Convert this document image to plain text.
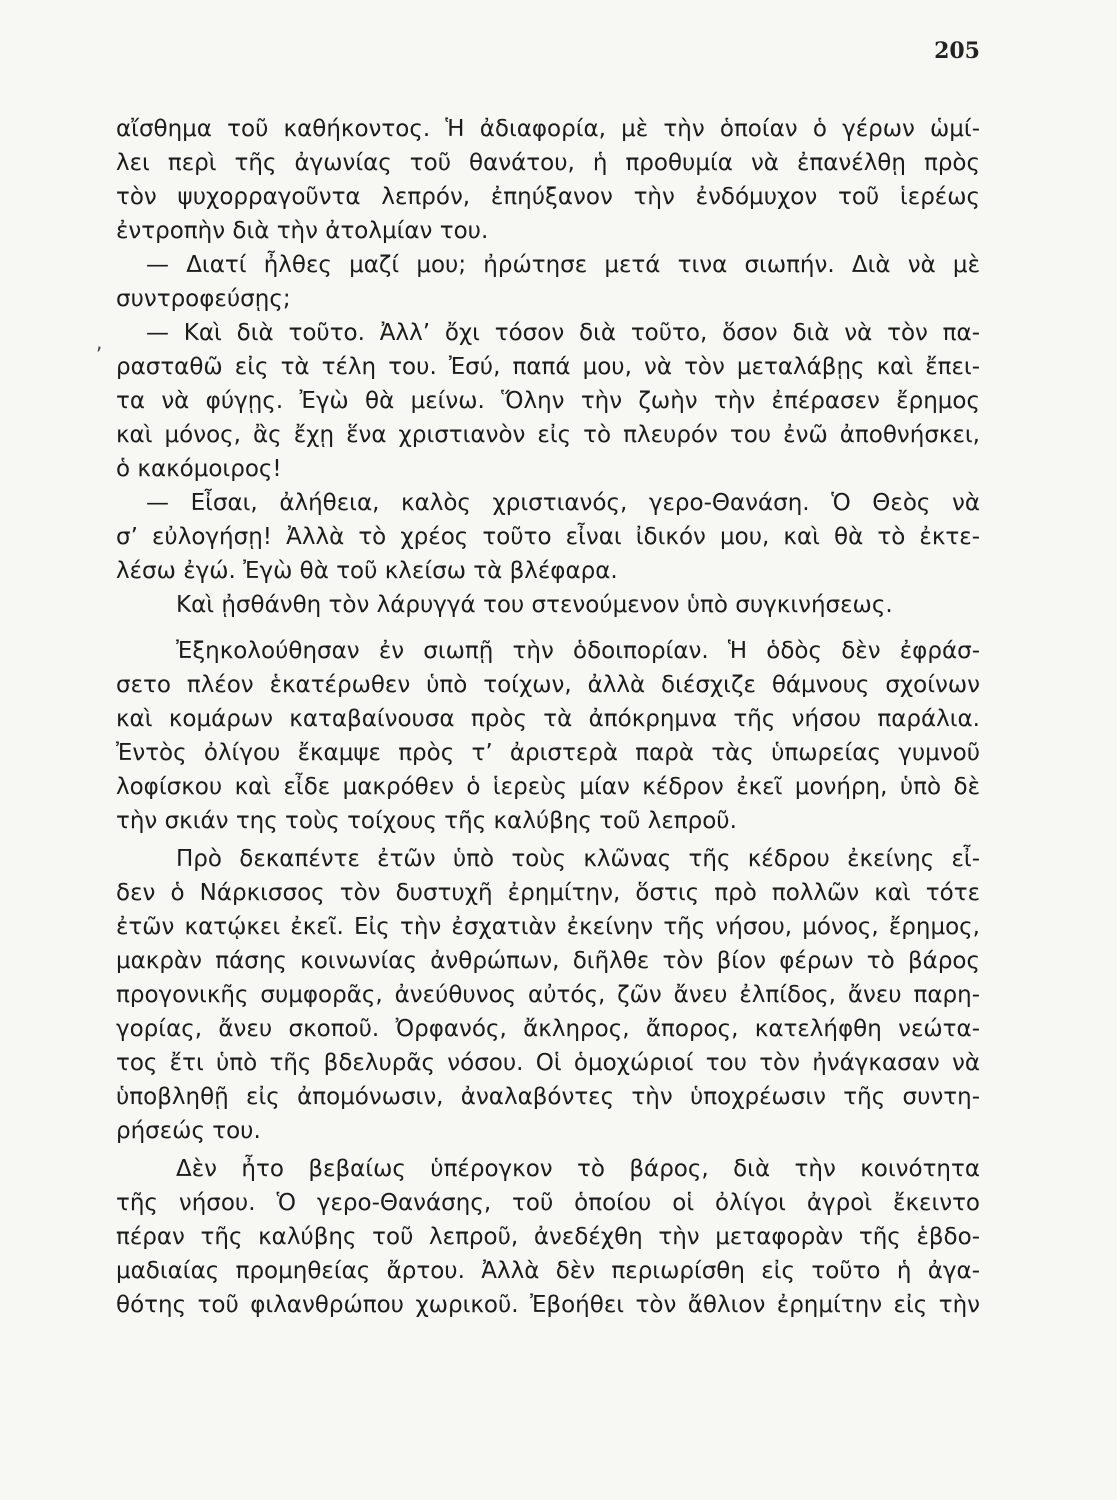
205
,
αἴσθημα τοῦ καθήκοντος. Ἡ ἀδιαφορία, μὲ τὴν ὁποίαν ὁ γέρων ὡμί-
λει περὶ τῆς ἀγωνίας τοῦ θανάτου, ἡ προθυμία νὰ ἐπανέλθῃ πρὸς
τὸν ψυχορραγοῦντα λεπρόν, ἐπηύξανον τὴν ἐνδόμυχον τοῦ ἱερέως
ἐντροπὴν διὰ τὴν ἀτολμίαν του.
— Διατί ἦλθες μαζί μου; ἠρώτησε μετά τινα σιωπήν. Διὰ νὰ μὲ
συντροφεύσῃς;
— Καὶ διὰ τοῦτο. Ἀλλ’ ὄχι τόσον διὰ τοῦτο, ὅσον διὰ νὰ τὸν πα-
ρασταθῶ εἰς τὰ τέλη του. Ἐσύ, παπά μου, νὰ τὸν μεταλάβῃς καὶ ἔπει-
τα νὰ φύγῃς. Ἐγὼ θὰ μείνω. Ὅλην τὴν ζωὴν τὴν ἐπέρασεν ἔρημος
καὶ μόνος, ἂς ἔχῃ ἕνα χριστιανὸν εἰς τὸ πλευρόν του ἐνῶ ἀποθνήσκει,
ὁ κακόμοιρος!
— Εἶσαι, ἀλήθεια, καλὸς χριστιανός, γερο-Θανάση. Ὁ Θεὸς νὰ
σ’ εὐλογήσῃ! Ἀλλὰ τὸ χρέος τοῦτο εἶναι ἰδικόν μου, καὶ θὰ τὸ ἐκτε-
λέσω ἐγώ. Ἐγὼ θὰ τοῦ κλείσω τὰ βλέφαρα.
Καὶ ᾐσθάνθη τὸν λάρυγγά του στενούμενον ὑπὸ συγκινήσεως.
Ἐξηκολούθησαν ἐν σιωπῇ τὴν ὁδοιπορίαν. Ἡ ὁδὸς δὲν ἐφράσ-
σετο πλέον ἑκατέρωθεν ὑπὸ τοίχων, ἀλλὰ διέσχιζε θάμνους σχοίνων
καὶ κομάρων καταβαίνουσα πρὸς τὰ ἀπόκρημνα τῆς νήσου παράλια.
Ἐντὸς ὀλίγου ἔκαμψε πρὸς τ’ ἀριστερὰ παρὰ τὰς ὑπωρείας γυμνοῦ
λοφίσκου καὶ εἶδε μακρόθεν ὁ ἱερεὺς μίαν κέδρον ἐκεῖ μονήρη, ὑπὸ δὲ
τὴν σκιάν της τοὺς τοίχους τῆς καλύβης τοῦ λεπροῦ.
Πρὸ δεκαπέντε ἐτῶν ὑπὸ τοὺς κλῶνας τῆς κέδρου ἐκείνης εἶ-
δεν ὁ Νάρκισσος τὸν δυστυχῆ ἐρημίτην, ὅστις πρὸ πολλῶν καὶ τότε
ἐτῶν κατῴκει ἐκεῖ. Εἰς τὴν ἐσχατιὰν ἐκείνην τῆς νήσου, μόνος, ἔρημος,
μακρὰν πάσης κοινωνίας ἀνθρώπων, διῆλθε τὸν βίον φέρων τὸ βάρος
προγονικῆς συμφορᾶς, ἀνεύθυνος αὐτός, ζῶν ἄνευ ἐλπίδος, ἄνευ παρη-
γορίας, ἄνευ σκοποῦ. Ὀρφανός, ἄκληρος, ἄπορος, κατελήφθη νεώτα-
τος ἔτι ὑπὸ τῆς βδελυρᾶς νόσου. Οἱ ὁμοχώριοί του τὸν ἠνάγκασαν νὰ
ὑποβληθῇ εἰς ἀπομόνωσιν, ἀναλαβόντες τὴν ὑποχρέωσιν τῆς συντη-
ρήσεώς του.
Δὲν ἦτο βεβαίως ὑπέρογκον τὸ βάρος, διὰ τὴν κοινότητα
τῆς νήσου. Ὁ γερο-Θανάσης, τοῦ ὁποίου οἱ ὀλίγοι ἀγροὶ ἔκειντο
πέραν τῆς καλύβης τοῦ λεπροῦ, ἀνεδέχθη τὴν μεταφορὰν τῆς ἑβδο-
μαδιαίας προμηθείας ἄρτου. Ἀλλὰ δὲν περιωρίσθη εἰς τοῦτο ἡ ἀγα-
θότης τοῦ φιλανθρώπου χωρικοῦ. Ἐβοήθει τὸν ἄθλιον ἐρημίτην εἰς τὴν
